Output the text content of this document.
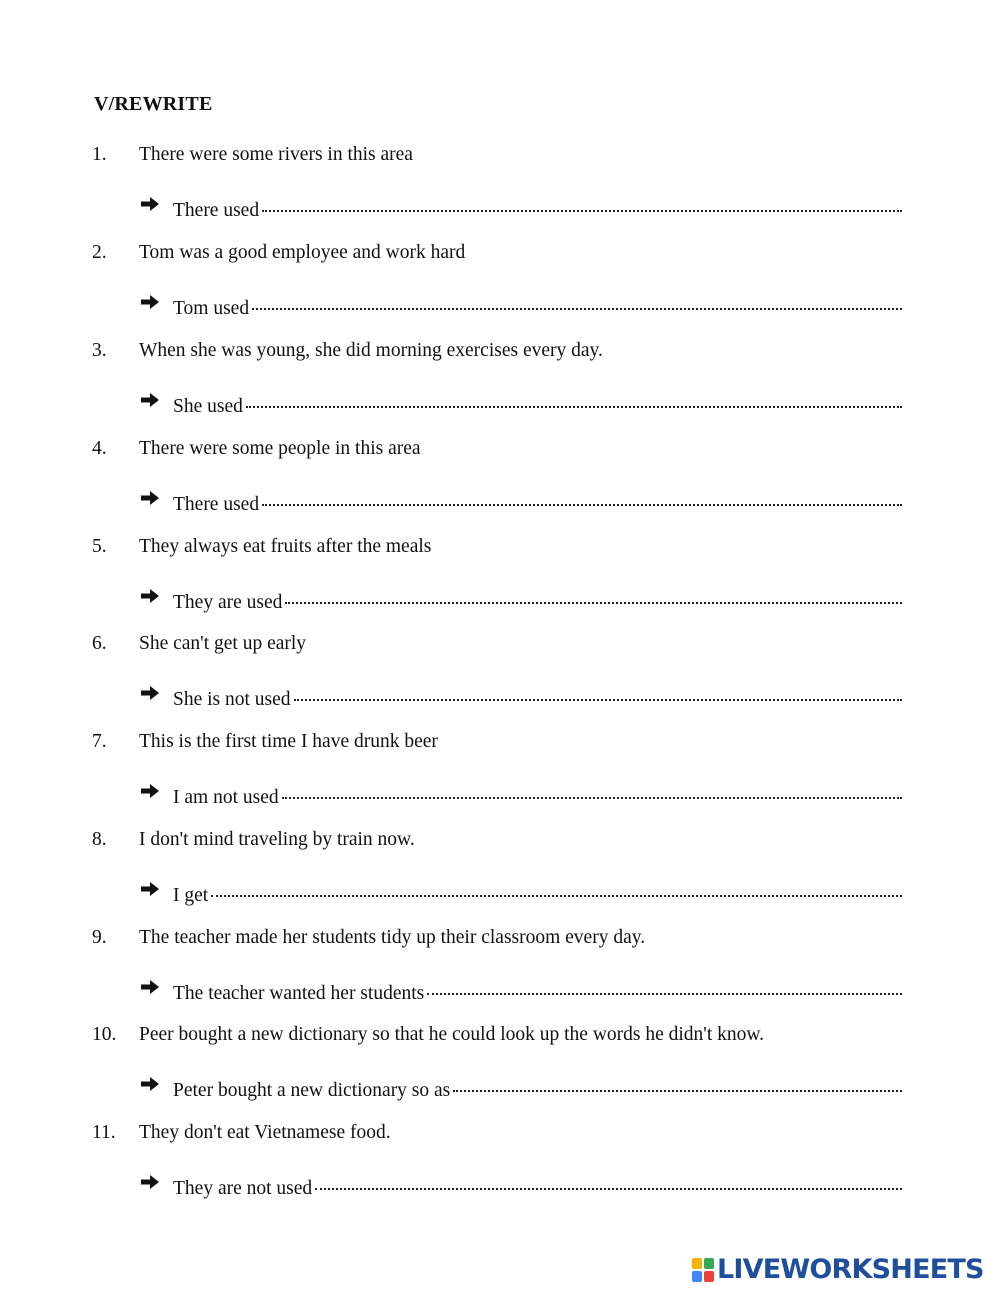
V/REWRITE
1. There were some rivers in this area
There used
2. Tom was a good employee and work hard
Tom used
3. When she was young, she did morning exercises every day.
She used
4. There were some people in this area
There used
5. They always eat fruits after the meals
They are used
6. She can't get up early
She is not used
7. This is the first time I have drunk beer
I am not used
8. I don't mind traveling by train now.
I get
9. The teacher made her students tidy up their classroom every day.
The teacher wanted her students
10. Peer bought a new dictionary so that he could look up the words he didn't know.
Peter bought a new dictionary so as
11. They don't eat Vietnamese food.
They are not used
LIVEWORKSHEETS
